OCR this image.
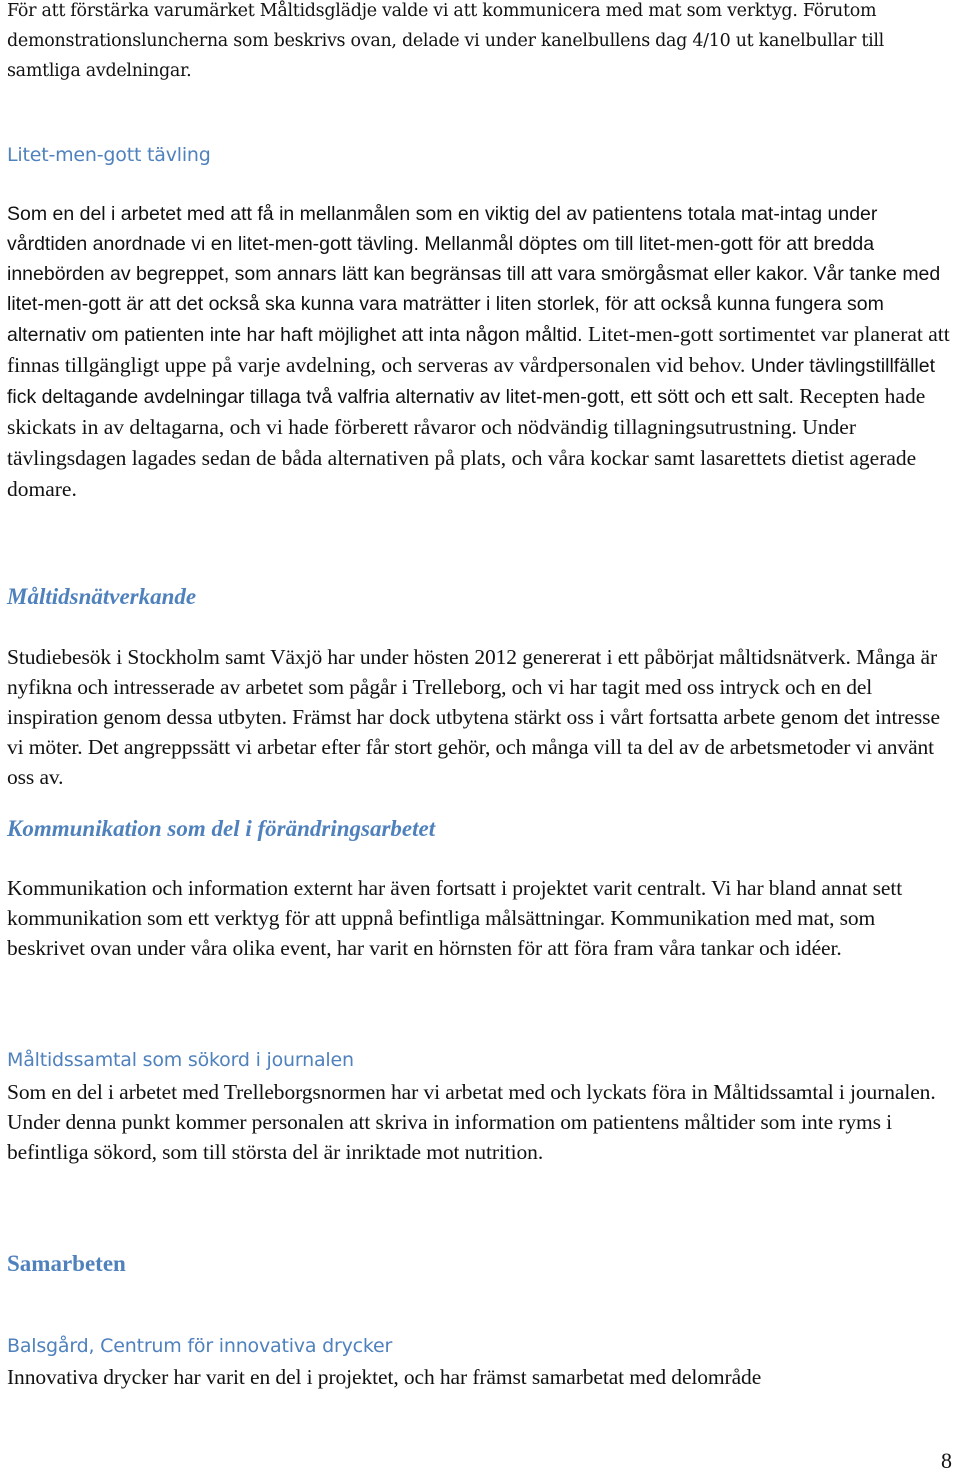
För att förstärka varumärket Måltidsglädje valde vi att kommunicera med mat som verktyg. Förutom demonstrationsluncherna som beskrivs ovan, delade vi under kanelbullens dag 4/10 ut kanelbullar till samtliga avdelningar.

Litet-men-gott tävling

Som en del i arbetet med att få in mellanmålen som en viktig del av patientens totala mat-intag under vårdtiden anordnade vi en litet-men-gott tävling. Mellanmål döptes om till litet-men-gott för att bredda innebörden av begreppet, som annars lätt kan begränsas till att vara smörgåsmat eller kakor. Vår tanke med litet-men-gott är att det också ska kunna vara maträtter i liten storlek, för att också kunna fungera som alternativ om patienten inte har haft möjlighet att inta någon måltid. Litet-men-gott sortimentet var planerat att finnas tillgängligt uppe på varje avdelning, och serveras av vårdpersonalen vid behov. Under tävlingstillfället fick deltagande avdelningar tillaga två valfria alternativ av litet-men-gott, ett sött och ett salt. Recepten hade skickats in av deltagarna, och vi hade förberett råvaror och nödvändig tillagningsutrustning. Under tävlingsdagen lagades sedan de båda alternativen på plats, och våra kockar samt lasarettets dietist agerade domare.

Måltidsnätverkande

Studiebesök i Stockholm samt Växjö har under hösten 2012 genererat i ett påbörjat måltidsnätverk. Många är nyfikna och intresserade av arbetet som pågår i Trelleborg, och vi har tagit med oss intryck och en del inspiration genom dessa utbyten. Främst har dock utbytena stärkt oss i vårt fortsatta arbete genom det intresse vi möter. Det angreppssätt vi arbetar efter får stort gehör, och många vill ta del av de arbetsmetoder vi använt oss av.

Kommunikation som del i förändringsarbetet

Kommunikation och information externt har även fortsatt i projektet varit centralt. Vi har bland annat sett kommunikation som ett verktyg för att uppnå befintliga målsättningar. Kommunikation med mat, som beskrivet ovan under våra olika event, har varit en hörnsten för att föra fram våra tankar och idéer.

Måltidssamtal som sökord i journalen

Som en del i arbetet med Trelleborgsnormen har vi arbetat med och lyckats föra in Måltidssamtal i journalen. Under denna punkt kommer personalen att skriva in information om patientens måltider som inte ryms i befintliga sökord, som till största del är inriktade mot nutrition.

Samarbeten
Balsgård, Centrum för innovativa drycker

Innovativa drycker har varit en del i projektet, och har främst samarbetat med delområde

8
